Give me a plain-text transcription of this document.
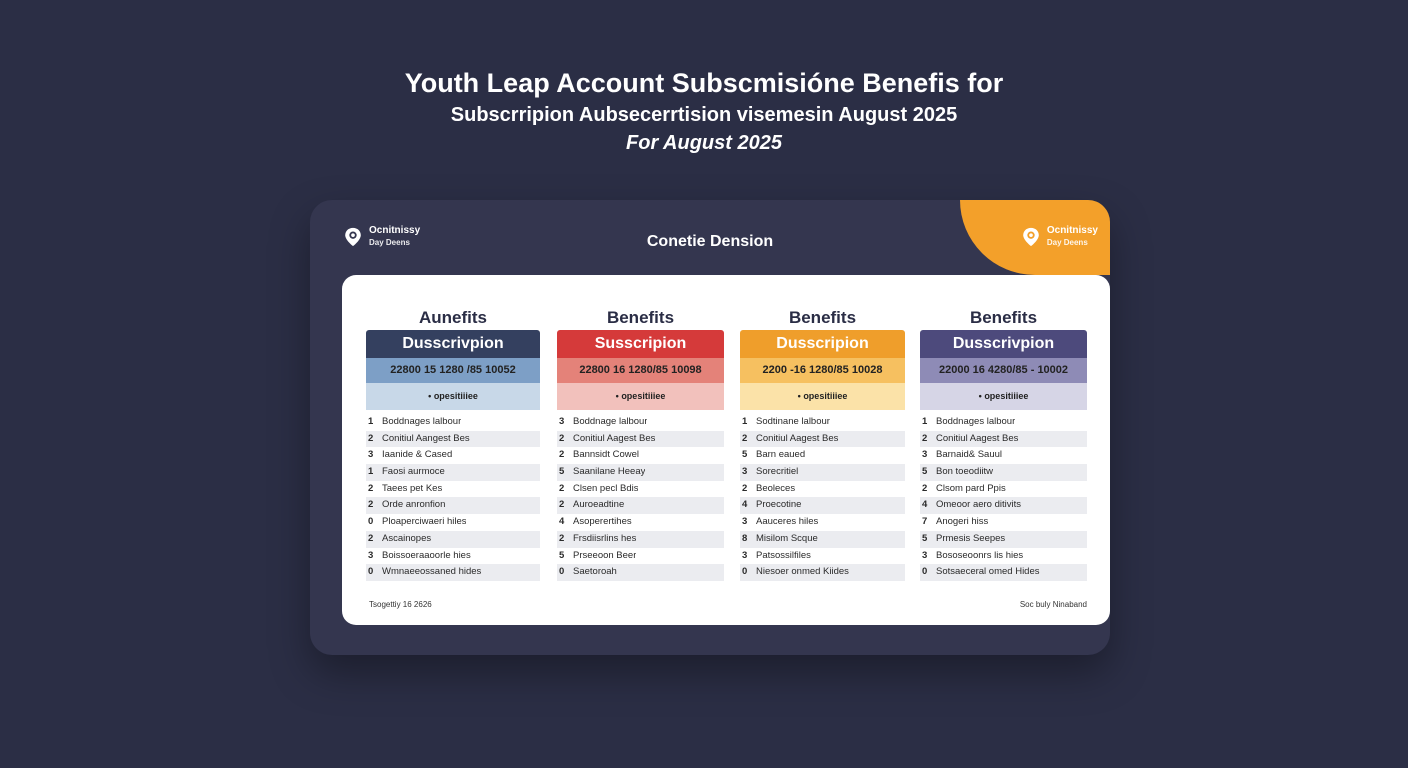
Youth Leap Account Subscmisióne Benefis for
Subscrripion Aubsecerrtision visemesin August 2025
For August 2025
Ocnitnissy
Day Deens	Conetie Dension
Ocnitnissy
Day Deens
Aunefits
Dusscrivpion
22800 15 1280 /85 10052
• opesitiiiee
1 Boddnages lalbour
2 Conitiul Aangest Bes
3 Iaanide & Cased
1 Faosi aurmoce
2 Taees pet Kes
2 Orde anronfion
0 Ploaperciwaeri hiles
2 Ascainopes
3 Boissoeraaoorle hies
0 Wmnaeeossaned hides
Benefits
Susscripion
22800 16 1280/85 10098
• opesitiiiee
3 Boddnage lalbour
2 Conitiul Aagest Bes
2 Bannsidt Cowel
5 Saanilane Heeay
2 Clsen pecl Bdis
2 Auroeadtine
4 Asoperertihes
2 Frsdiisrlins hes
5 Prseeoon Beer
0 Saetoroah
Benefits
Dusscripion
2200 -16 1280/85 10028
• opesitiiiee
1 Sodtinane lalbour
2 Conitiul Aagest Bes
5 Barn eaued
3 Sorecritiel
2 Beoleces
4 Proecotine
3 Aauceres hiles
8 Misilom Scque
3 Patsossilfiles
0 Niesoer onmed Kiides
Benefits
Dusscrivpion
22000 16 4280/85 - 10002
• opesitiiiee
1 Boddnages lalbour
2 Conitiul Aagest Bes
3 Barnaid& Sauul
5 Bon toeodiitw
2 Clsom pard Ppis
4 Omeoor aero ditivits
7 Anogeri hiss
5 Prmesis Seepes
3 Bososeoonrs lis hies
0 Sotsaeceral omed Hides
Tsogettiy 16 2626	Soc buly Ninaband
